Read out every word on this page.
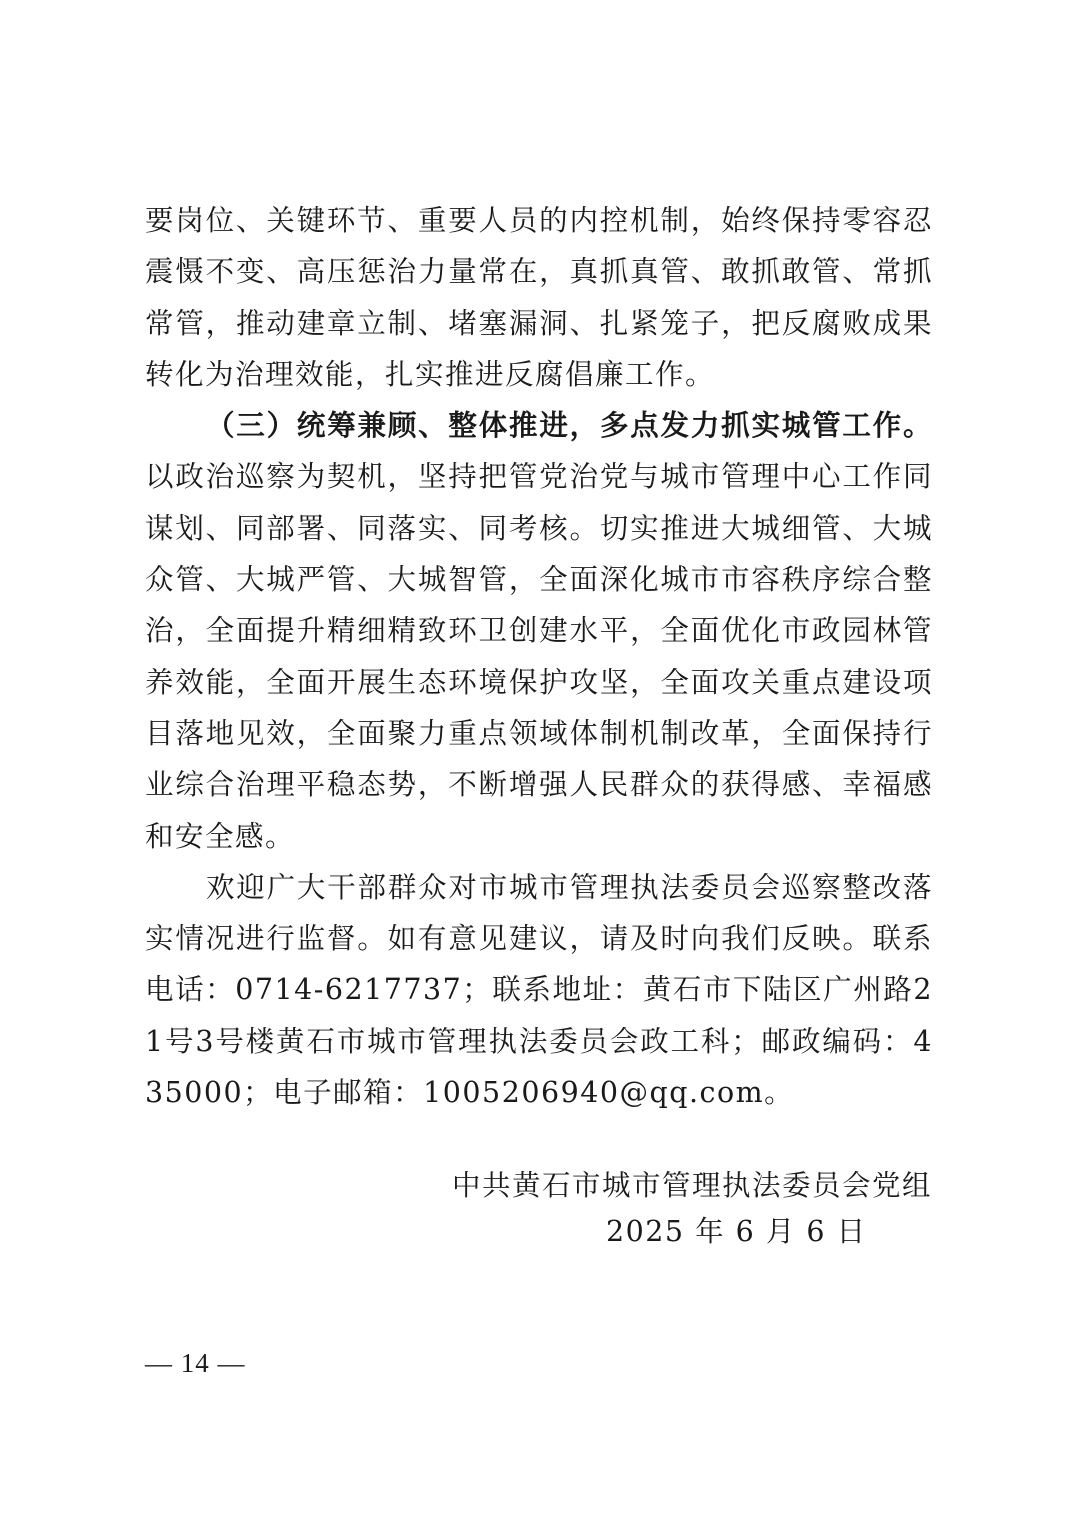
要岗位、关键环节、重要人员的内控机制，始终保持零容忍震慑不变、高压惩治力量常在，真抓真管、敢抓敢管、常抓常管，推动建章立制、堵塞漏洞、扎紧笼子，把反腐败成果转化为治理效能，扎实推进反腐倡廉工作。

（三）统筹兼顾、整体推进，多点发力抓实城管工作。以政治巡察为契机，坚持把管党治党与城市管理中心工作同谋划、同部署、同落实、同考核。切实推进大城细管、大城众管、大城严管、大城智管，全面深化城市市容秩序综合整治，全面提升精细精致环卫创建水平，全面优化市政园林管养效能，全面开展生态环境保护攻坚，全面攻关重点建设项目落地见效，全面聚力重点领域体制机制改革，全面保持行业综合治理平稳态势，不断增强人民群众的获得感、幸福感和安全感。

欢迎广大干部群众对市城市管理执法委员会巡察整改落实情况进行监督。如有意见建议，请及时向我们反映。联系电话：0714-6217737；联系地址：黄石市下陆区广州路21号3号楼黄石市城市管理执法委员会政工科；邮政编码：435000；电子邮箱：1005206940@qq.com。

中共黄石市城市管理执法委员会党组
2025 年 6 月 6 日
— 14 —
